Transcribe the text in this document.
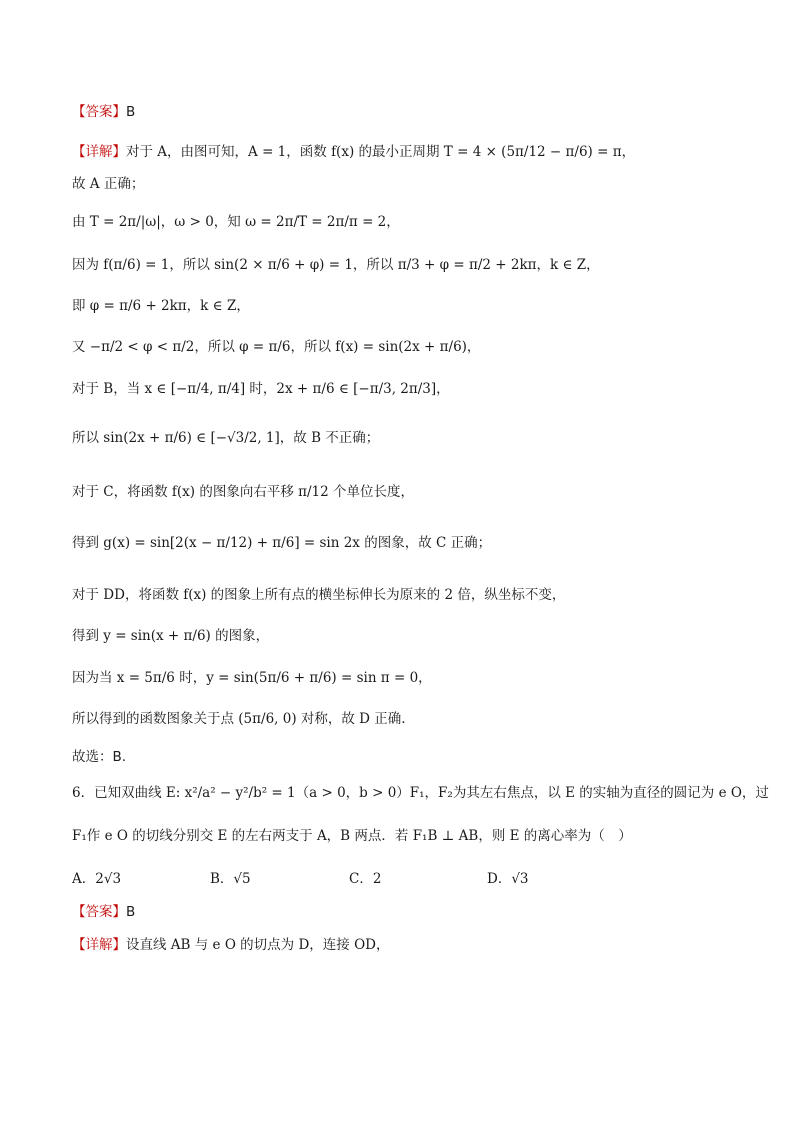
【答案】B
【详解】对于 A，由图可知，A = 1，函数 f(x) 的最小正周期 T = 4 × (5π/12 − π/6) = π，
故 A 正确；
由 T = 2π/|ω|，ω > 0，知 ω = 2π/T = 2π/π = 2，
因为 f(π/6) = 1，所以 sin(2 × π/6 + φ) = 1，所以 π/3 + φ = π/2 + 2kπ，k ∈ Z，
即 φ = π/6 + 2kπ，k ∈ Z，
又 −π/2 < φ < π/2，所以 φ = π/6，所以 f(x) = sin(2x + π/6)，
对于 B，当 x ∈ [−π/4, π/4] 时，2x + π/6 ∈ [−π/3, 2π/3]，
所以 sin(2x + π/6) ∈ [−√3/2, 1]，故 B 不正确；
对于 C，将函数 f(x) 的图象向右平移 π/12 个单位长度，
得到 g(x) = sin[2(x − π/12) + π/6] = sin 2x 的图象，故 C 正确；
对于 DD，将函数 f(x) 的图象上所有点的横坐标伸长为原来的 2 倍，纵坐标不变，
得到 y = sin(x + π/6) 的图象，
因为当 x = 5π/6 时，y = sin(5π/6 + π/6) = sin π = 0，
所以得到的函数图象关于点 (5π/6, 0) 对称，故 D 正确.
故选：B.
6．已知双曲线 E: x²/a² − y²/b² = 1（a > 0，b > 0）F₁，F₂为其左右焦点，以 E 的实轴为直径的圆记为 e O，过
F₁作 e O 的切线分别交 E 的左右两支于 A，B 两点．若 F₁B ⊥ AB，则 E 的离心率为（　）
A．2√3	B．√5	C．2	D．√3
【答案】B
【详解】设直线 AB 与 e O 的切点为 D，连接 OD，
